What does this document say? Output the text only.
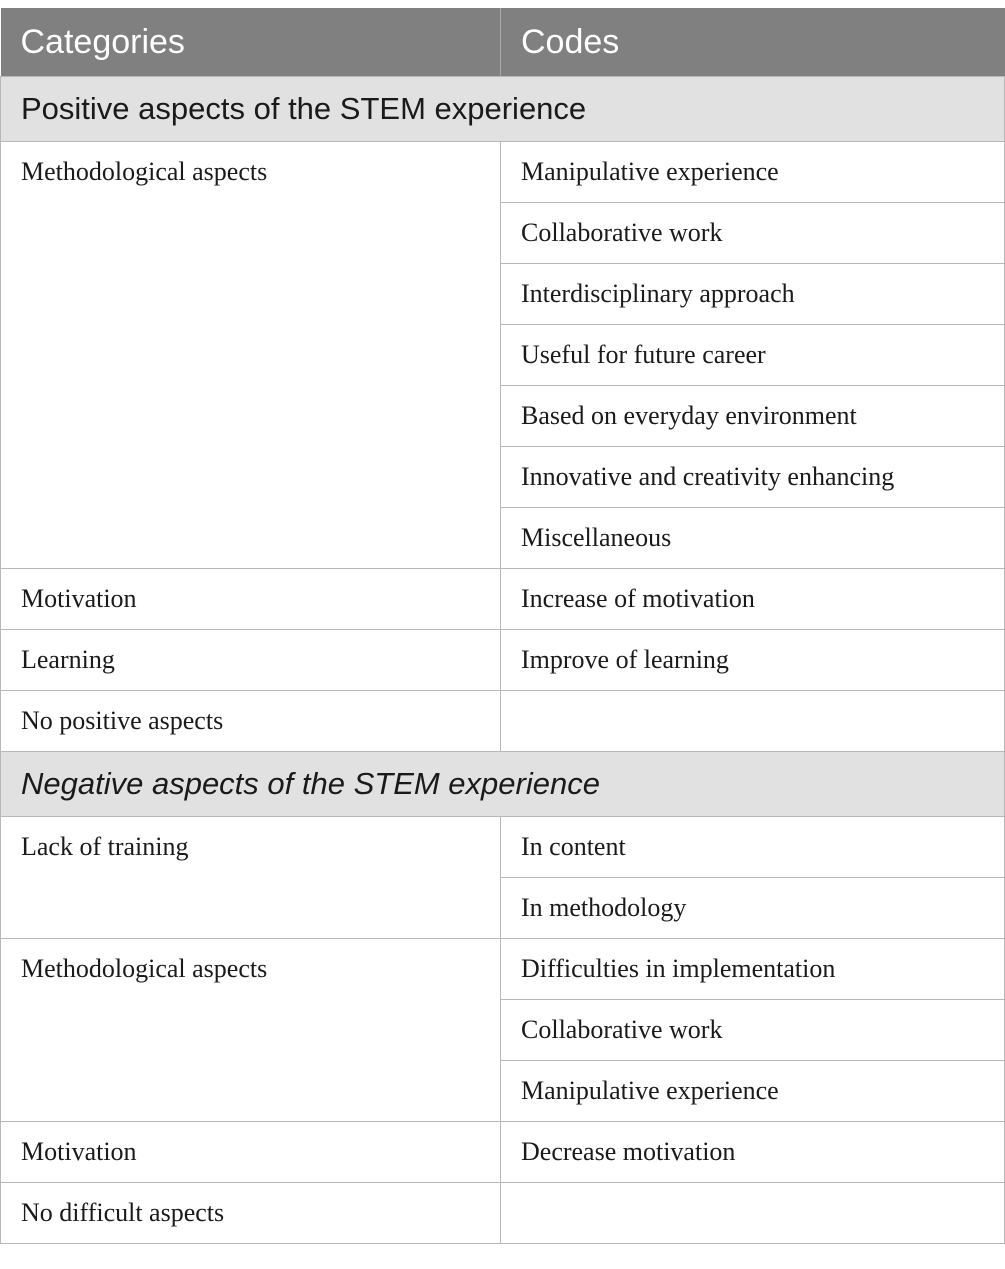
Categories	Codes
Positive aspects of the STEM experience	
Methodological aspects	Manipulative experience
	Collaborative work
	Interdisciplinary approach
	Useful for future career
	Based on everyday environment
	Innovative and creativity enhancing
	Miscellaneous
Motivation	Increase of motivation
Learning	Improve of learning
No positive aspects	
Negative aspects of the STEM experience	
Lack of training	In content
	In methodology
Methodological aspects	Difficulties in implementation
	Collaborative work
	Manipulative experience
Motivation	Decrease motivation
No difficult aspects	
